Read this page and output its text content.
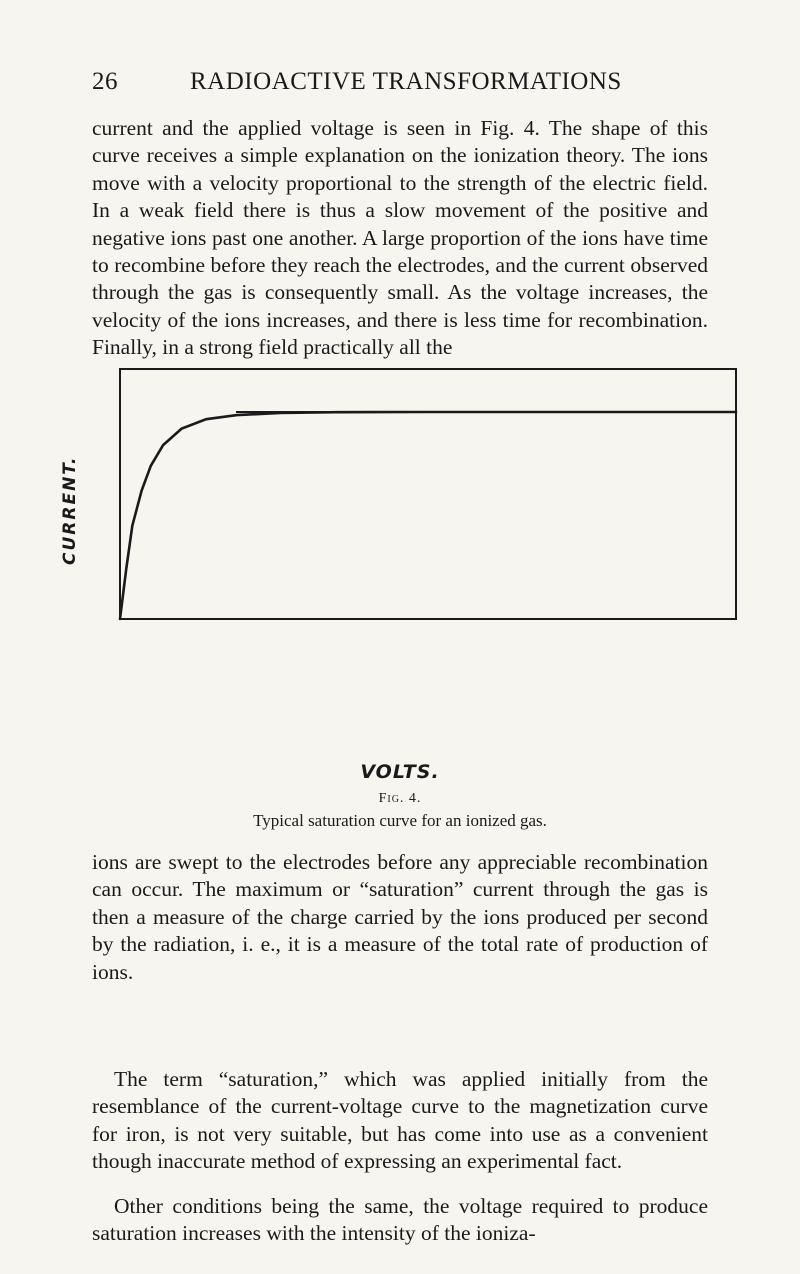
26	RADIOACTIVE TRANSFORMATIONS

current and the applied voltage is seen in Fig. 4. The shape of this curve receives a simple explanation on the ionization theory. The ions move with a velocity proportional to the strength of the electric field. In a weak field there is thus a slow movement of the positive and negative ions past one another. A large proportion of the ions have time to recombine before they reach the electrodes, and the current observed through the gas is consequently small. As the voltage increases, the velocity of the ions increases, and there is less time for recombination. Finally, in a strong field practically all the

CURRENT.
VOLTS.
Fig. 4.
Typical saturation curve for an ionized gas.

ions are swept to the electrodes before any appreciable recombination can occur. The maximum or “saturation” current through the gas is then a measure of the charge carried by the ions produced per second by the radiation, i. e., it is a measure of the total rate of production of ions.

The term “saturation,” which was applied initially from the resemblance of the current-voltage curve to the magnetization curve for iron, is not very suitable, but has come into use as a convenient though inaccurate method of expressing an experimental fact.

Other conditions being the same, the voltage required to produce saturation increases with the intensity of the ioniza-
